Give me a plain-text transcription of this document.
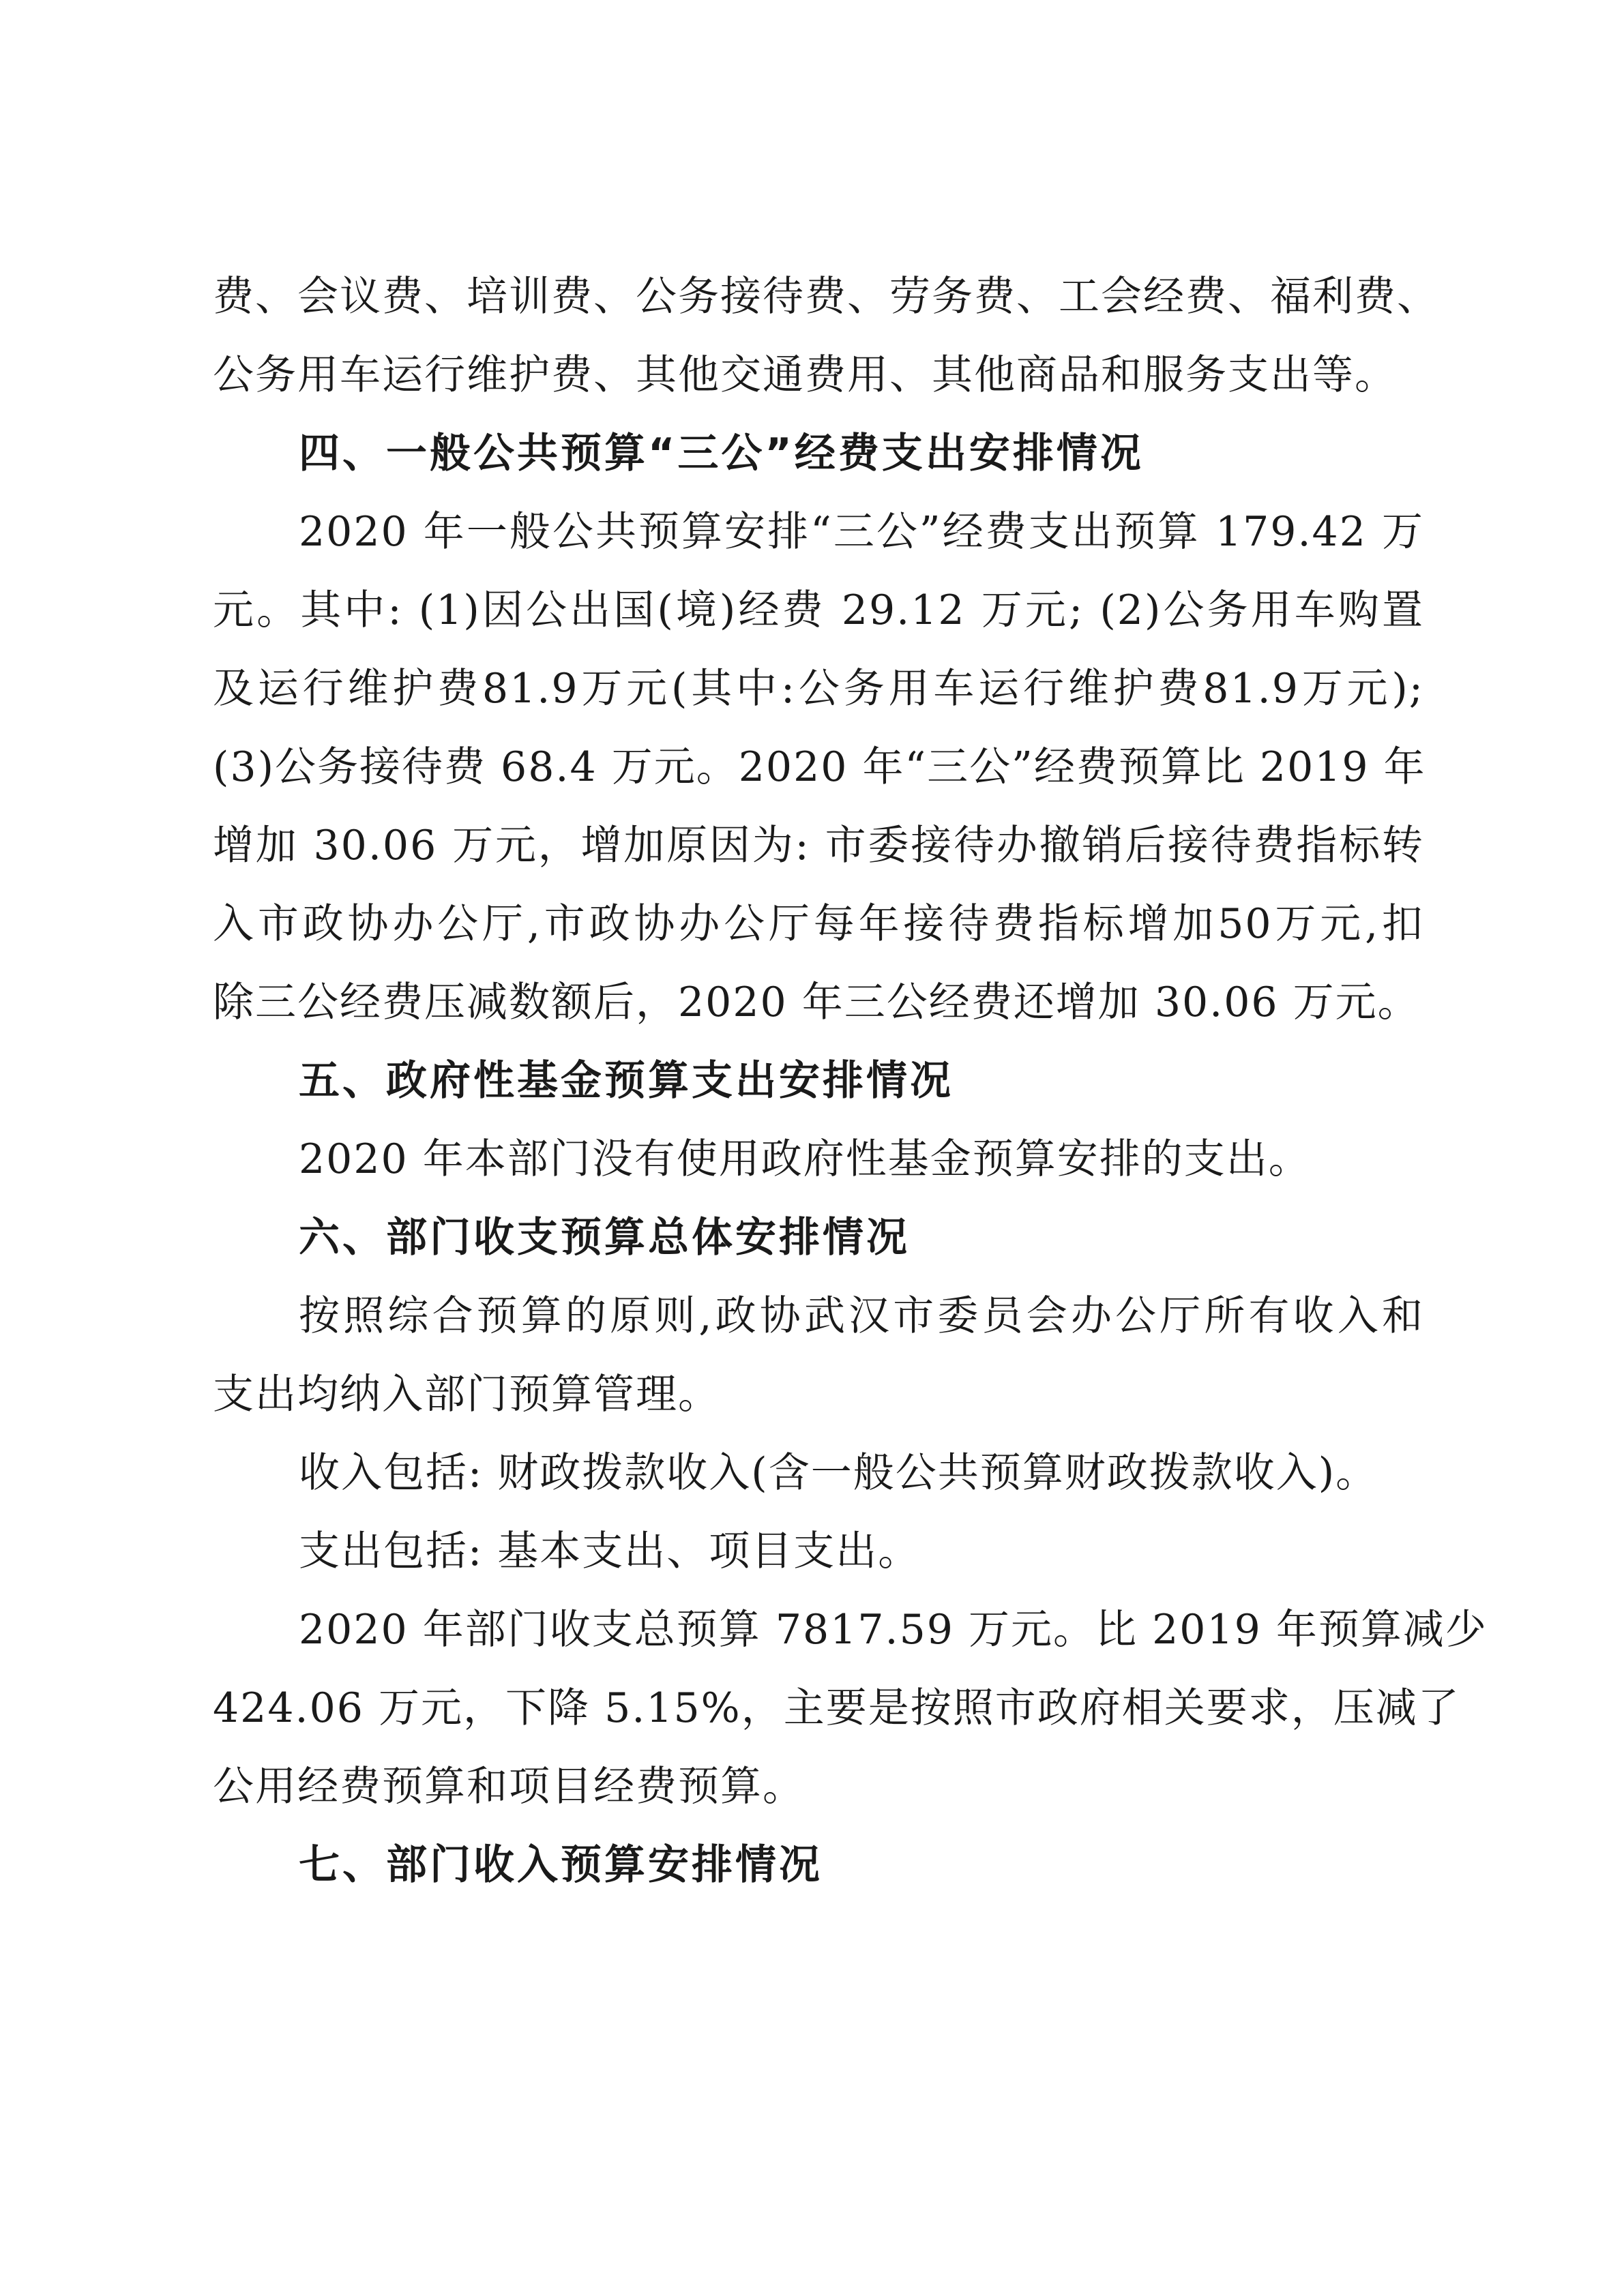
费、会议费、培训费、公务接待费、劳务费、工会经费、福利费、
公务用车运行维护费、其他交通费用、其他商品和服务支出等。
四、一般公共预算“三公”经费支出安排情况
2020 年一般公共预算安排“三公”经费支出预算 179.42 万
元。其中: (1)因公出国(境)经费 29.12 万元; (2)公务用车购置
及运行维护费81.9万元(其中:公务用车运行维护费81.9万元);
(3)公务接待费 68.4 万元。2020 年“三公”经费预算比 2019 年
增加 30.06 万元，增加原因为: 市委接待办撤销后接待费指标转
入市政协办公厅,市政协办公厅每年接待费指标增加50万元,扣
除三公经费压减数额后，2020 年三公经费还增加 30.06 万元。
五、政府性基金预算支出安排情况
2020 年本部门没有使用政府性基金预算安排的支出。
六、部门收支预算总体安排情况
按照综合预算的原则,政协武汉市委员会办公厅所有收入和
支出均纳入部门预算管理。
收入包括: 财政拨款收入(含一般公共预算财政拨款收入)。
支出包括: 基本支出、项目支出。
2020 年部门收支总预算 7817.59 万元。比 2019 年预算减少
424.06 万元，下降 5.15%，主要是按照市政府相关要求，压减了
公用经费预算和项目经费预算。
七、部门收入预算安排情况
